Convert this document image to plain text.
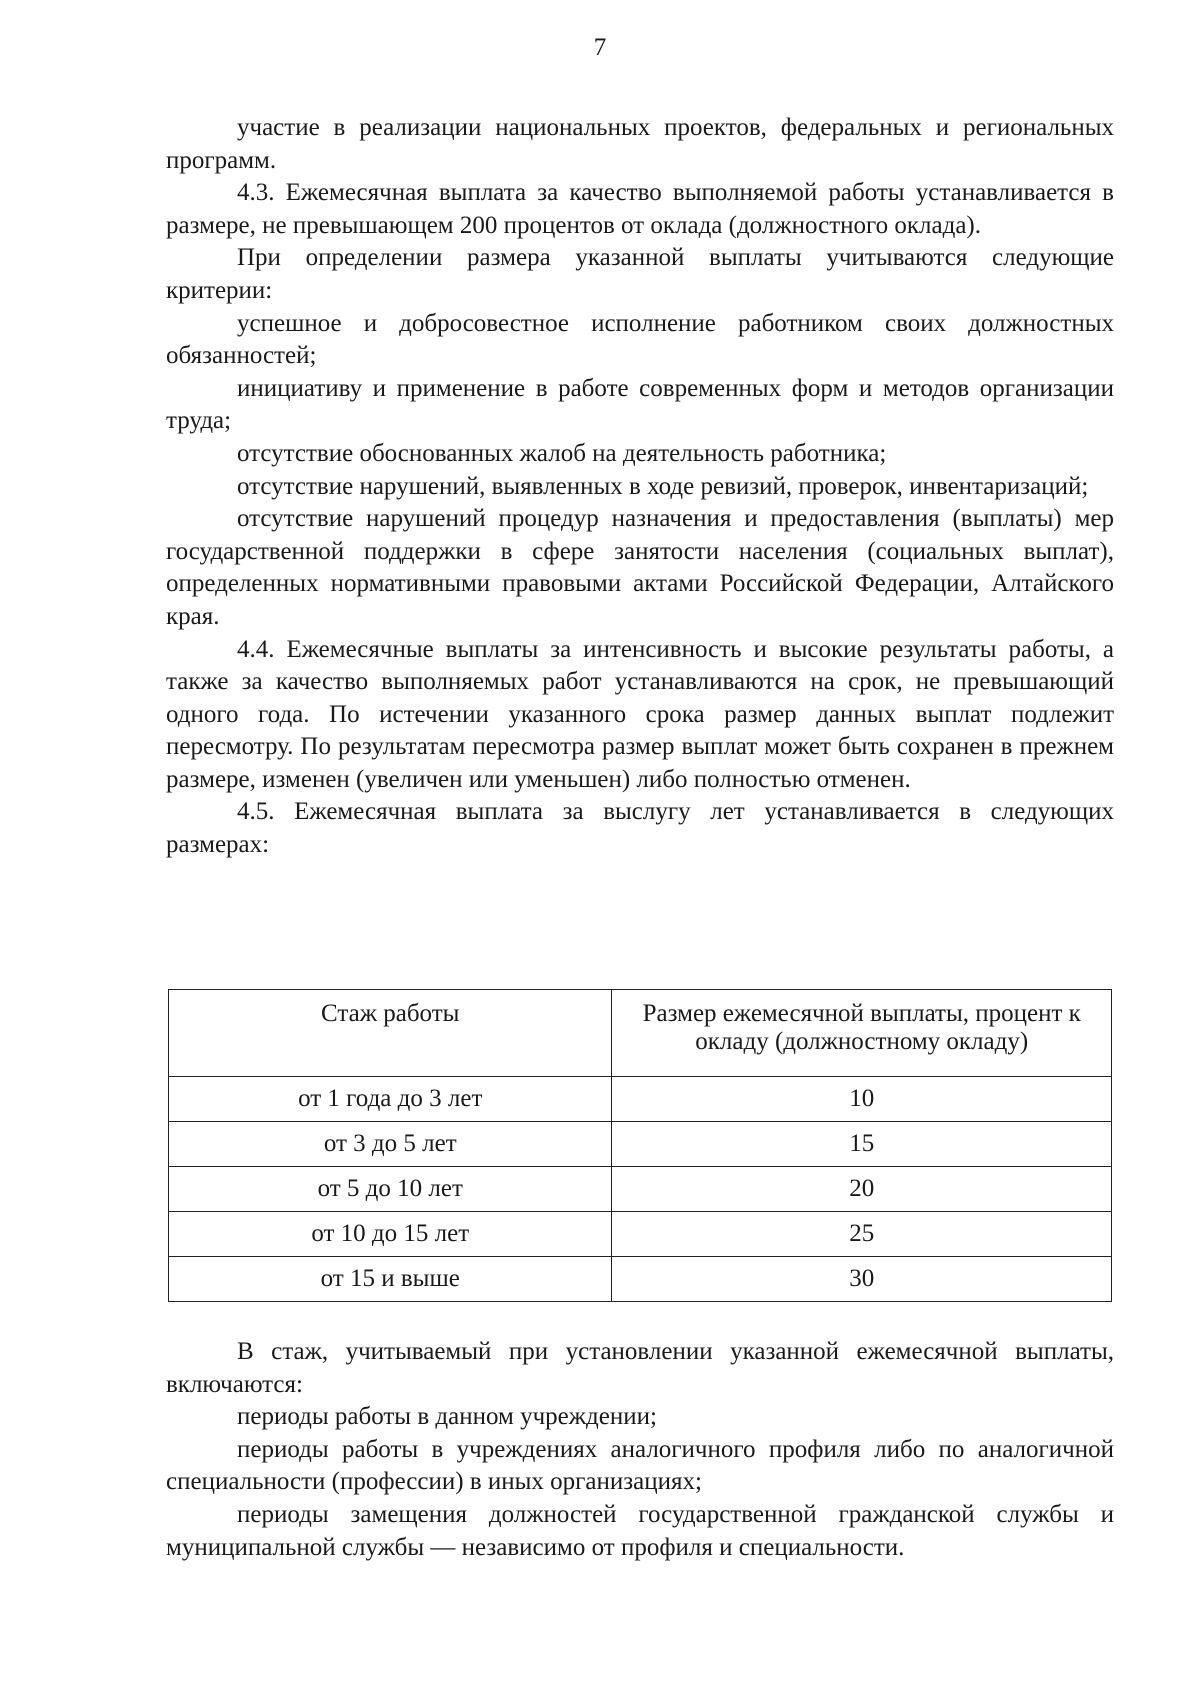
7

участие в реализации национальных проектов, федеральных и региональных программ.

4.3. Ежемесячная выплата за качество выполняемой работы устанавливается в размере, не превышающем 200 процентов от оклада (должностного оклада).

При определении размера указанной выплаты учитываются следующие критерии:

успешное и добросовестное исполнение работником своих должностных обязанностей;

инициативу и применение в работе современных форм и методов организации труда;

отсутствие обоснованных жалоб на деятельность работника;

отсутствие нарушений, выявленных в ходе ревизий, проверок, инвентаризаций;

отсутствие нарушений процедур назначения и предоставления (выплаты) мер государственной поддержки в сфере занятости населения (социальных выплат), определенных нормативными правовыми актами Российской Федерации, Алтайского края.

4.4. Ежемесячные выплаты за интенсивность и высокие результаты работы, а также за качество выполняемых работ устанавливаются на срок, не превышающий одного года. По истечении указанного срока размер данных выплат подлежит пересмотру. По результатам пересмотра размер выплат может быть сохранен в прежнем размере, изменен (увеличен или уменьшен) либо полностью отменен.

4.5. Ежемесячная выплата за выслугу лет устанавливается в следующих размерах:

Стаж работы	Размер ежемесячной выплаты, процент к окладу (должностному окладу)
от 1 года до 3 лет	10
от 3 до 5 лет	15
от 5 до 10 лет	20
от 10 до 15 лет	25
от 15 и выше	30

В стаж, учитываемый при установлении указанной ежемесячной выплаты, включаются:

периоды работы в данном учреждении;

периоды работы в учреждениях аналогичного профиля либо по аналогичной специальности (профессии) в иных организациях;

периоды замещения должностей государственной гражданской службы и муниципальной службы — независимо от профиля и специальности.
